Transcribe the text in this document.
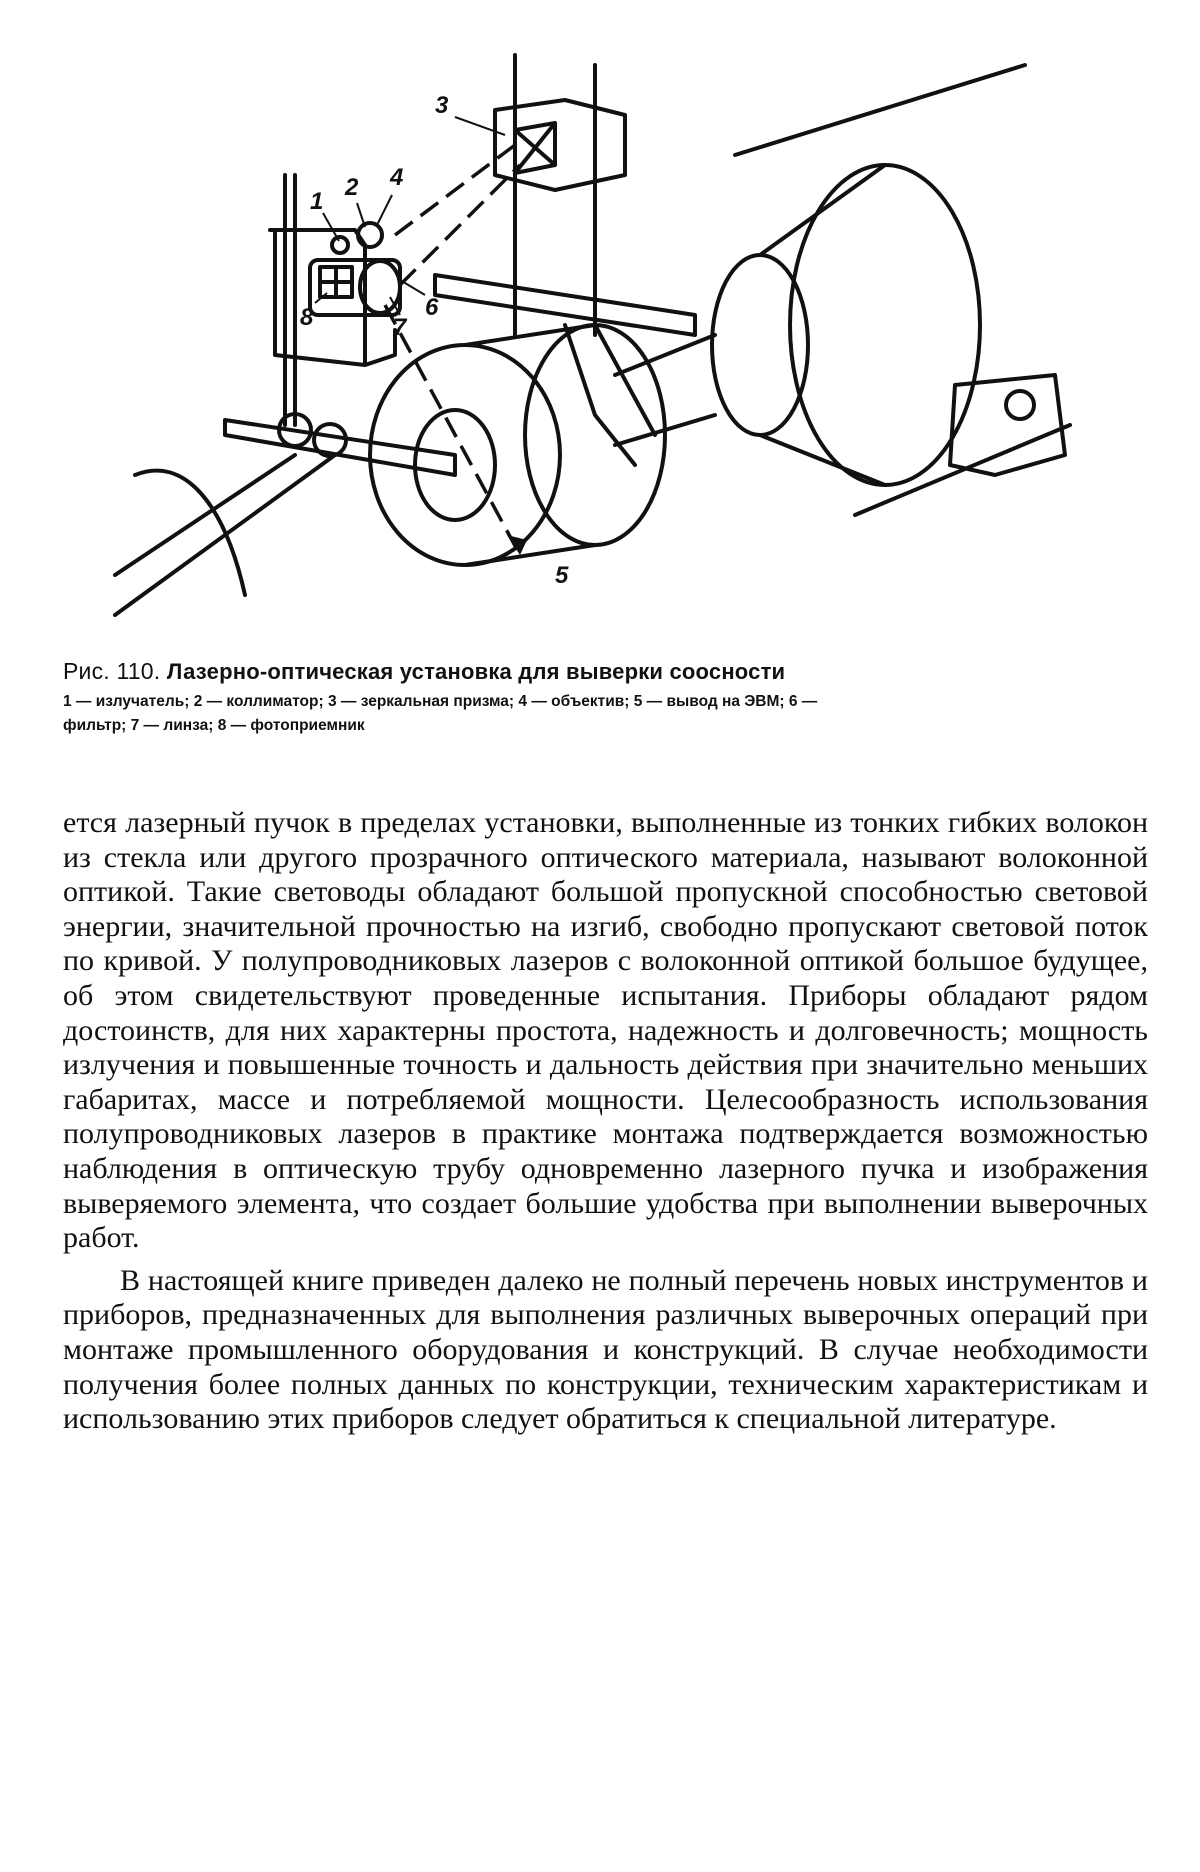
1
2
3
4
5
6
7
8
Рис. 110. Лазерно-оптическая установка для выверки соосности
1 — излучатель; 2 — коллиматор; 3 — зеркальная призма; 4 — объектив; 5 — вывод на ЭВМ; 6 —
фильтр; 7 — линза; 8 — фотоприемник

ется лазерный пучок в пределах установки, выполненные из тонких гибких волокон из стекла или другого прозрачного оптического материала, называют волоконной оптикой. Такие световоды обладают большой пропускной способностью световой энергии, значительной прочностью на изгиб, свободно пропускают световой поток по кривой. У полупроводниковых лазеров с волоконной оптикой большое будущее, об этом свидетельствуют проведенные испытания. Приборы обладают рядом достоинств, для них характерны простота, надежность и долговечность; мощность излучения и повышенные точность и дальность действия при значительно меньших габаритах, массе и потребляемой мощности. Целесообразность использования полупроводниковых лазеров в практике монтажа подтверждается возможностью наблюдения в оптическую трубу одновременно лазерного пучка и изображения выверяемого элемента, что создает большие удобства при выполнении выверочных работ.

В настоящей книге приведен далеко не полный перечень новых инструментов и приборов, предназначенных для выполнения различных выверочных операций при монтаже промышленного оборудования и конструкций. В случае необходимости получения более полных данных по конструкции, техническим характеристикам и использованию этих приборов следует обратиться к специальной литературе.
